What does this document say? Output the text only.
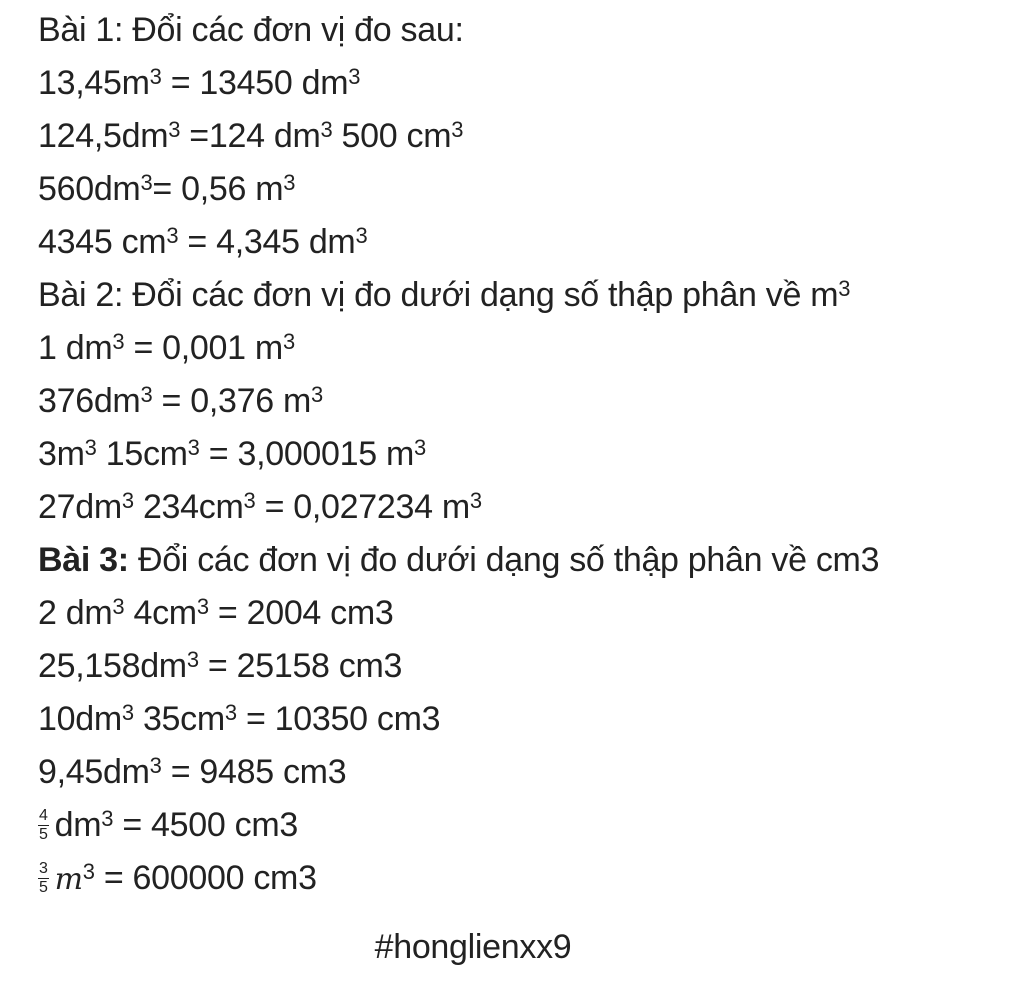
Bài 1: Đổi các đơn vị đo sau:
$13,45m^3 = 13450$ $dm^3$
$124,5dm^3 =124$ $dm^3$ 500 $cm^3$
$560dm^3= 0,56$ $m^3$
4345 $cm^3 = 4,345$ $dm^3$
Bài 2: Đổi các đơn vị đo dưới dạng số thập phân về $m^3$
1 $dm^3 = 0,001$ $m^3$
$376dm^3 = 0,376$ $m^3$
$3m^3$ $15cm^3 = 3,000015$ $m^3$
$27dm^3$ $234cm^3 = 0,027234$ $m^3$
Bài 3: Đổi các đơn vị đo dưới dạng số thập phân về cm3
2 $dm^3$ $4cm^3 = 2004$ cm3
$25,158dm^3 = 25158$ cm3
$10dm^3$ $35cm^3 = 10350$ cm3
$9,45dm^3 = 9485$ cm3
$\frac{4}{5} dm^3 = 4500$ cm3
$\frac{3}{5} m^3 = 600000$ cm3
#honglienxx9
